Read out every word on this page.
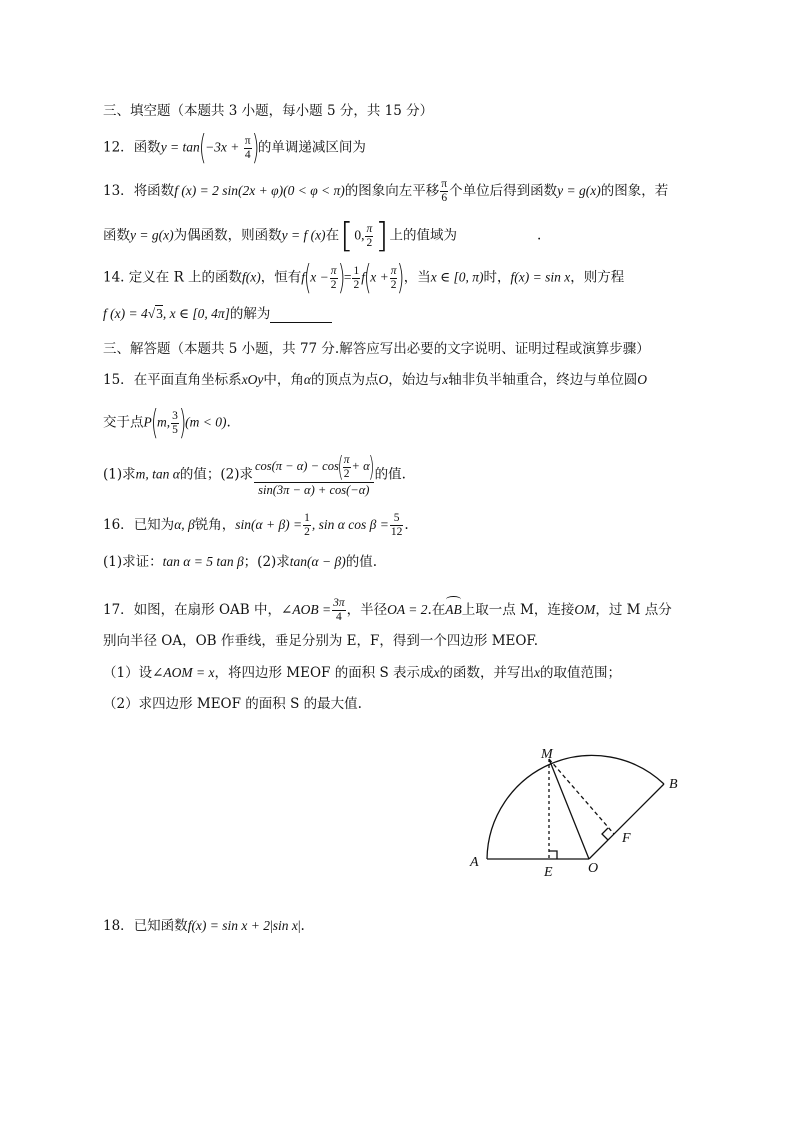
三、填空题（本题共 3 小题，每小题 5 分，共 15 分）
12．函数$y = \tan(-3x + \frac{\pi}{4}$ )的单调递减区间为
13．将函数f (x) = 2 sin(2x + φ)(0 < φ < π)的图象向左平移 $\frac{\pi}{6}$ 个单位后得到函数y = g(x)的图象，若
函数y = g(x)为偶函数，则函数y = f (x)在[0, $\frac{\pi}{2}$ ]上的值域为	.
14. 定义在 R 上的函数f(x)，恒有$f(x - \frac{\pi}{2}$ )= $\frac{1}{2} f(x + \frac{\pi}{2}$ )，当x ∈ [0, π)时，f(x) = sin x，则方程
f (x) = 4√3, x ∈ [0, 4π]的解为
三、解答题（本题共 5 小题，共 77 分.解答应写出必要的文字说明、证明过程或演算步骤）
15．在平面直角坐标系xOy中，角α的顶点为点O，始边与x轴非负半轴重合，终边与单位圆O
交于点P(m, $\frac{3}{5} )(m < 0)$.
(1)求m, tan α的值；(2)求 $\frac{\cos(\pi - \alpha) - \cos( \frac{\pi}{2} + \alpha)}{\sin(3\pi - \alpha) + \cos(-\alpha)}$ 的值.
16．已知为α, β锐角，$\sin(\alpha + \beta) = \frac{1}{2}$ , sin α $\cos \beta = \frac{5}{12}$ .
(1)求证：tan α = 5 tan β；(2)求tan(α − β)的值.
17．如图，在扇形 OAB 中，∠AOB = $\frac{3\pi}{4}$ ，半径OA = 2.在AB
上取一点 M，连接OM，过 M 点分
别向半径 OA，OB 作垂线，垂足分别为 E，F，得到一个四边形 MEOF.
（1）设∠AOM = x，将四边形 MEOF 的面积 S 表示成x的函数，并写出x的取值范围；
（2）求四边形 MEOF 的面积 S 的最大值.
M
B
F
A
E	O
18．已知函数f(x) = sin x + 2|sin x|.
